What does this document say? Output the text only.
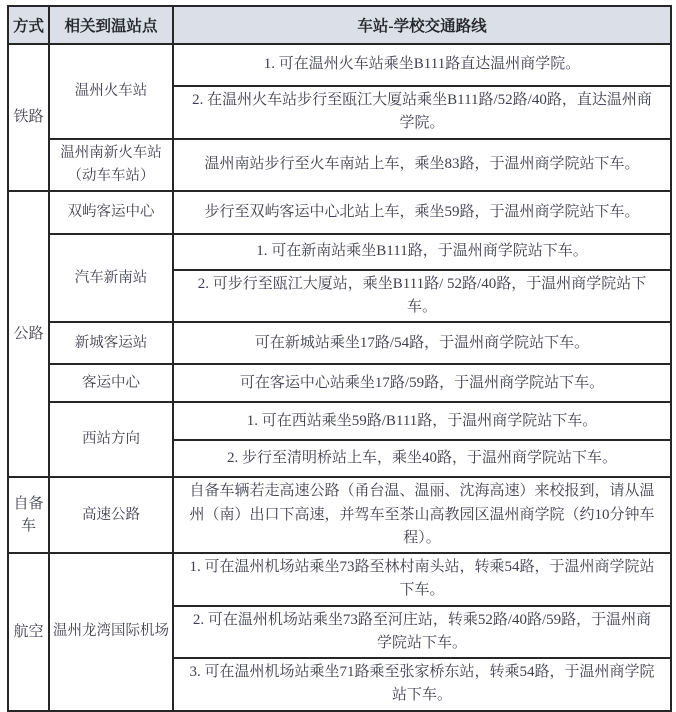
方式	相关到温站点	车站-学校交通路线
铁路	温州火车站	1. 可在温州火车站乘坐B111路直达温州商学院。
		2. 在温州火车站步行至瓯江大厦站乘坐B111路/52路/40路，直达温州商学院。
	温州南新火车站（动车车站）	温州南站步行至火车南站上车，乘坐83路，于温州商学院站下车。
公路	双屿客运中心	步行至双屿客运中心北站上车，乘坐59路，于温州商学院站下车。
	汽车新南站	1. 可在新南站乘坐B111路，于温州商学院站下车。
		2. 可步行至瓯江大厦站，乘坐B111路/ 52路/40路，于温州商学院站下车。
	新城客运站	可在新城站乘坐17路/54路，于温州商学院站下车。
	客运中心	可在客运中心站乘坐17路/59路，于温州商学院站下车。
	西站方向	1. 可在西站乘坐59路/B111路，于温州商学院站下车。
		2. 步行至清明桥站上车，乘坐40路，于温州商学院站下车。
自备车	高速公路	自备车辆若走高速公路（甬台温、温丽、沈海高速）来校报到，请从温州（南）出口下高速，并驾车至茶山高教园区温州商学院（约10分钟车程）。
航空	温州龙湾国际机场	1. 可在温州机场站乘坐73路至林村南头站，转乘54路，于温州商学院站下车。
		2. 可在温州机场站乘坐73路至河庄站，转乘52路/40路/59路，于温州商学院站下车。
		3. 可在温州机场站乘坐71路乘至张家桥东站，转乘54路，于温州商学院站下车。
